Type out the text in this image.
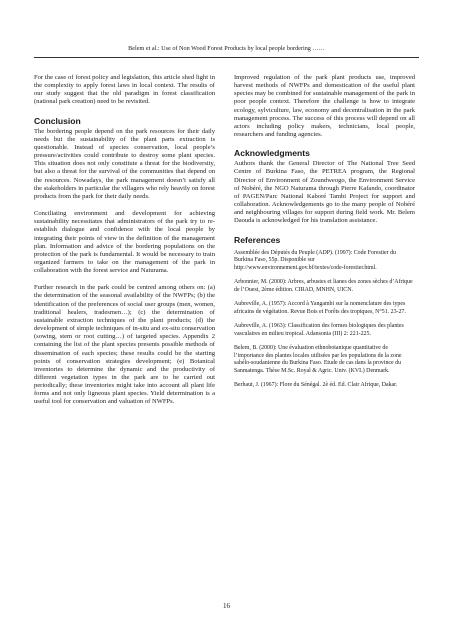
Belem et al.: Use of Non Wood Forest Products by local people bordering ……

For the case of forest policy and legislation, this article shed light in the complexity to apply forest laws in local context. The results of our study suggest that the old paradigm in forest classification (national park creation) need to be revisited.

Conclusion

The bordering people depend on the park resources for their daily needs but the sustainability of the plant parts extraction is questionable. Instead of species conservation, local people’s pressure/activities could contribute to destroy some plant species. This situation does not only constitute a threat for the biodiversity, but also a threat for the survival of the communities that depend on the resources. Nowadays, the park management doesn’t satisfy all the stakeholders in particular the villagers who rely heavily on forest products from the park for their daily needs.

Conciliating environment and development for achieving sustainability necessitates that administrators of the park try to re-establish dialogue and confidence with the local people by integrating their points of view in the definition of the management plan. Information and advice of the bordering populations on the protection of the park is fundamental. It would be necessary to train organized farmers to take on the management of the park in collaboration with the forest service and Naturama.

Further research in the park could be centred among others on: (a) the determination of the seasonal availability of the NWFPs; (b) the identification of the preferences of social user groups (men, women, traditional healers, tradesmen…); (c) the determination of sustainable extraction techniques of the plant products; (d) the development of simple techniques of in-situ and ex-situ conservation (sowing, stem or root cutting…) of targeted species. Appendix 2 containing the list of the plant species presents possible methods of dissemination of each species; these results could be the starting points of conservation strategies development; (e) Botanical inventories to determine the dynamic and the productivity of different vegetation types in the park are to be carried out periodically; these inventories might take into account all plant life forms and not only ligneous plant species. Yield determination is a useful tool for conservation and valuation of NWFPs.

Improved regulation of the park plant products use, improved harvest methods of NWFPs and domestication of the useful plant species may be combined for sustainable management of the park in poor people context. Therefore the challenge is how to integrate ecology, sylviculture, law, economy and decentralisation in the park management process. The success of this process will depend on all actors including policy makers, technicians, local people, researchers and funding agencies.

Acknowledgments

Authors thank the General Director of The National Tree Seed Centre of Burkina Faso, the PETREA program, the Regional Director of Environment of Zoundweogo, the Environment Service of Nobéré, the NGO Naturama through Pierre Kafando, coordinator of PAGEN/Parc National Kaboré Tambi Project for support and collaboration. Acknowledgements go to the many people of Nobéré and neighbouring villages for support during field work. Mr. Belem Daouda is acknowledged for his translation assistance.

References

Assemblée des Députés du Peuple (ADP). (1997): Code Forestier du Burkina Faso, 55p. Disponible sur http://www.environnement.gov.bf/textes/code-forestier.html.

Arbonnier, M. (2000): Arbres, arbustes et lianes des zones sèches d’Afrique de l’Ouest, 2ème édition. CIRAD, MNHN, UICN.

Aubreville, A. (1957): Accord à Yangambi sur la nomenclature des types africains de végétation. Revue Bois et Forêts des tropiques, N°51. 23-27.

Aubreville, A. (1963): Classification des formes biologiques des plantes vasculaires en milieu tropical. Adansonia (III) 2: 221-225.

Belem, B. (2000): Une évaluation ethnobotanique quantitative de l’importance des plantes locales utilisées par les populations de la zone sahélo-soudanienne du Burkina Faso. Etude de cas dans la province du Sanmatenga. Thèse M.Sc. Royal & Agric. Univ. (KVL) Denmark.

Berhaut, J. (1967): Flore du Sénégal. 2è éd. Ed. Clair Afrique, Dakar.

16
